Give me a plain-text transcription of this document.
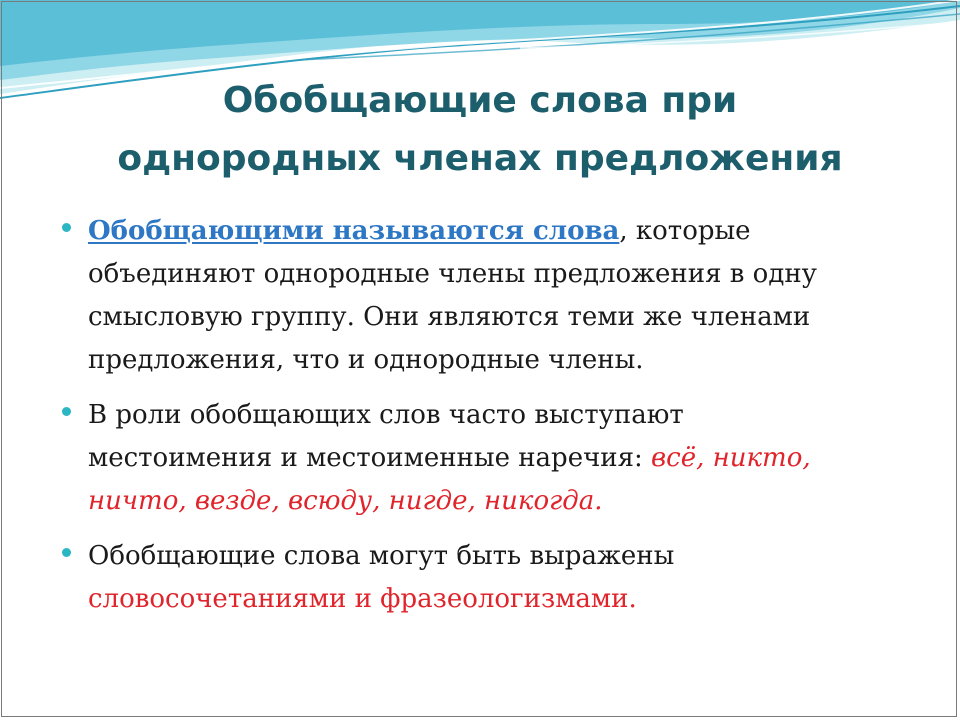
Обобщающие слова при
однородных членах предложения
Обобщающими называются слова, которые объединяют однородные члены предложения в одну смысловую группу. Они являются теми же членами предложения, что и однородные члены.
В роли обобщающих слов часто выступают местоимения и местоименные наречия: всё, никто, ничто, везде, всюду, нигде, никогда.
Обобщающие слова могут быть выражены словосочетаниями и фразеологизмами.
